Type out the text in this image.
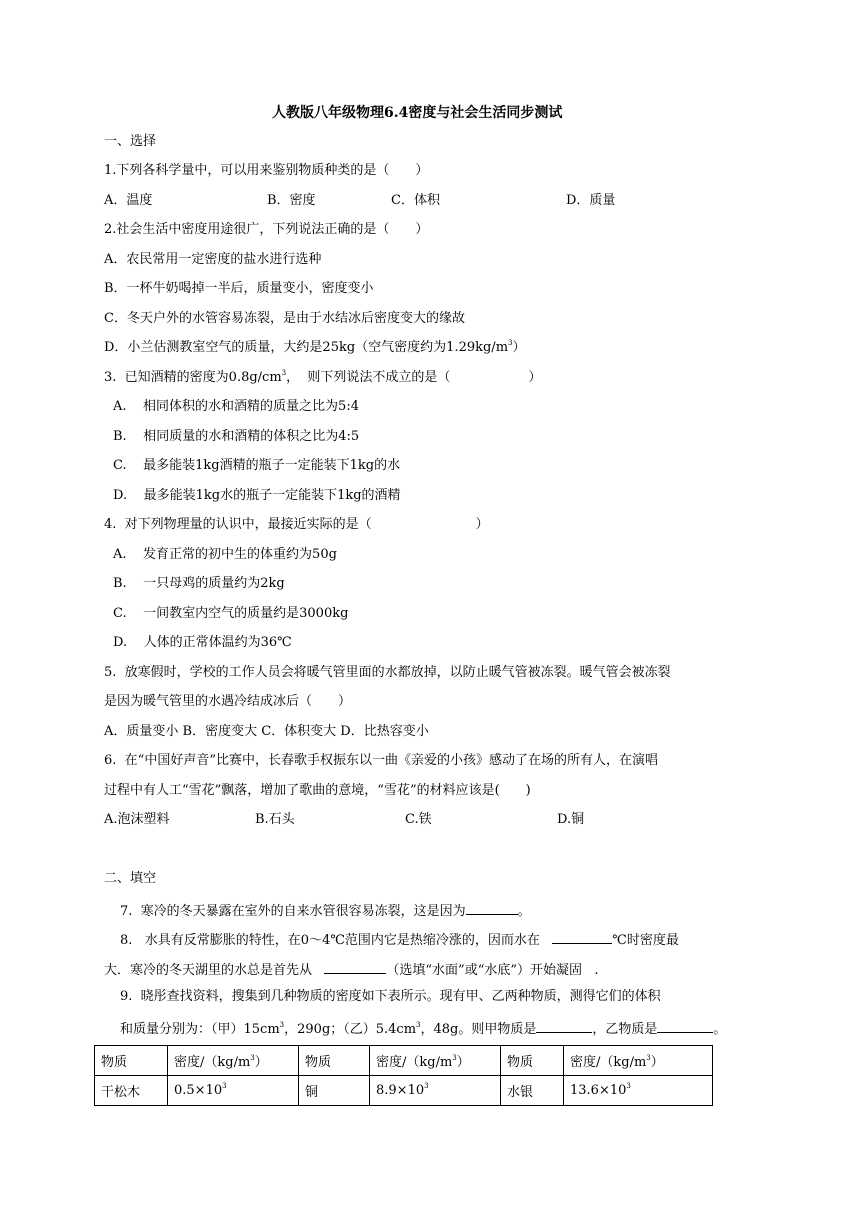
人教版八年级物理6.4密度与社会生活同步测试
一、选择
1.下列各科学量中，可以用来鉴别物质种类的是（　　）
A．温度	B．密度	C．体积	D．质量
2.社会生活中密度用途很广，下列说法正确的是（　　）
A．农民常用一定密度的盐水进行选种
B．一杯牛奶喝掉一半后，质量变小，密度变小
C．冬天户外的水管容易冻裂，是由于水结冰后密度变大的缘故
D．小兰估测教室空气的质量，大约是25kg（空气密度约为$1.29kg/m^3$）
3.  已知酒精的密度为$0.8g/cm^3$，  则下列说法不成立的是（　　　　　　）
A.    相同体积的水和酒精的质量之比为5:4
B.    相同质量的水和酒精的体积之比为4:5
C.    最多能装1kg酒精的瓶子一定能装下1kg的水
D.    最多能装1kg水的瓶子一定能装下1kg的酒精
4.  对下列物理量的认识中，最接近实际的是（　　　　　　　　）
A.    发育正常的初中生的体重约为50g
B.    一只母鸡的质量约为2kg
C.    一间教室内空气的质量约是3000kg
D.    人体的正常体温约为36℃
5.  放寒假时，学校的工作人员会将暖气管里面的水都放掉，以防止暖气管被冻裂。暖气管会被冻裂
是因为暖气管里的水遇冷结成冰后（　　）
A．质量变小 B．密度变大 C．体积变大 D．比热容变小
6.  在“中国好声音”比赛中，长春歌手权振东以一曲《亲爱的小孩》感动了在场的所有人，在演唱
过程中有人工“雪花”飘落，增加了歌曲的意境，“雪花”的材料应该是(　　)
A.泡沫塑料	B.石头	C.铁	D.铜
二、填空
7.  寒冷的冬天暴露在室外的自来水管很容易冻裂，这是因为	。
8.   水具有反常膨胀的特性，在0～4℃范围内它是热缩冷涨的，因而水在	℃时密度最
大．寒冷的冬天湖里的水总是首先从	（选填“水面”或“水底”）开始凝固   .
9.  晓彤查找资料，搜集到几种物质的密度如下表所示。现有甲、乙两种物质，测得它们的体积
和质量分别为：（甲）$15cm^3$，290g；（乙）$5.4cm^3$，48g。则甲物质是	，乙物质是	。
物质	密度$/(kg/m^3)$	物质	密度$/(kg/m^3)$	物质	密度$/(kg/m^3)$
干松木	$0.5\times 10^3$	铜	$8.9\times 10^3$	水银	$13.6\times 10^3$
